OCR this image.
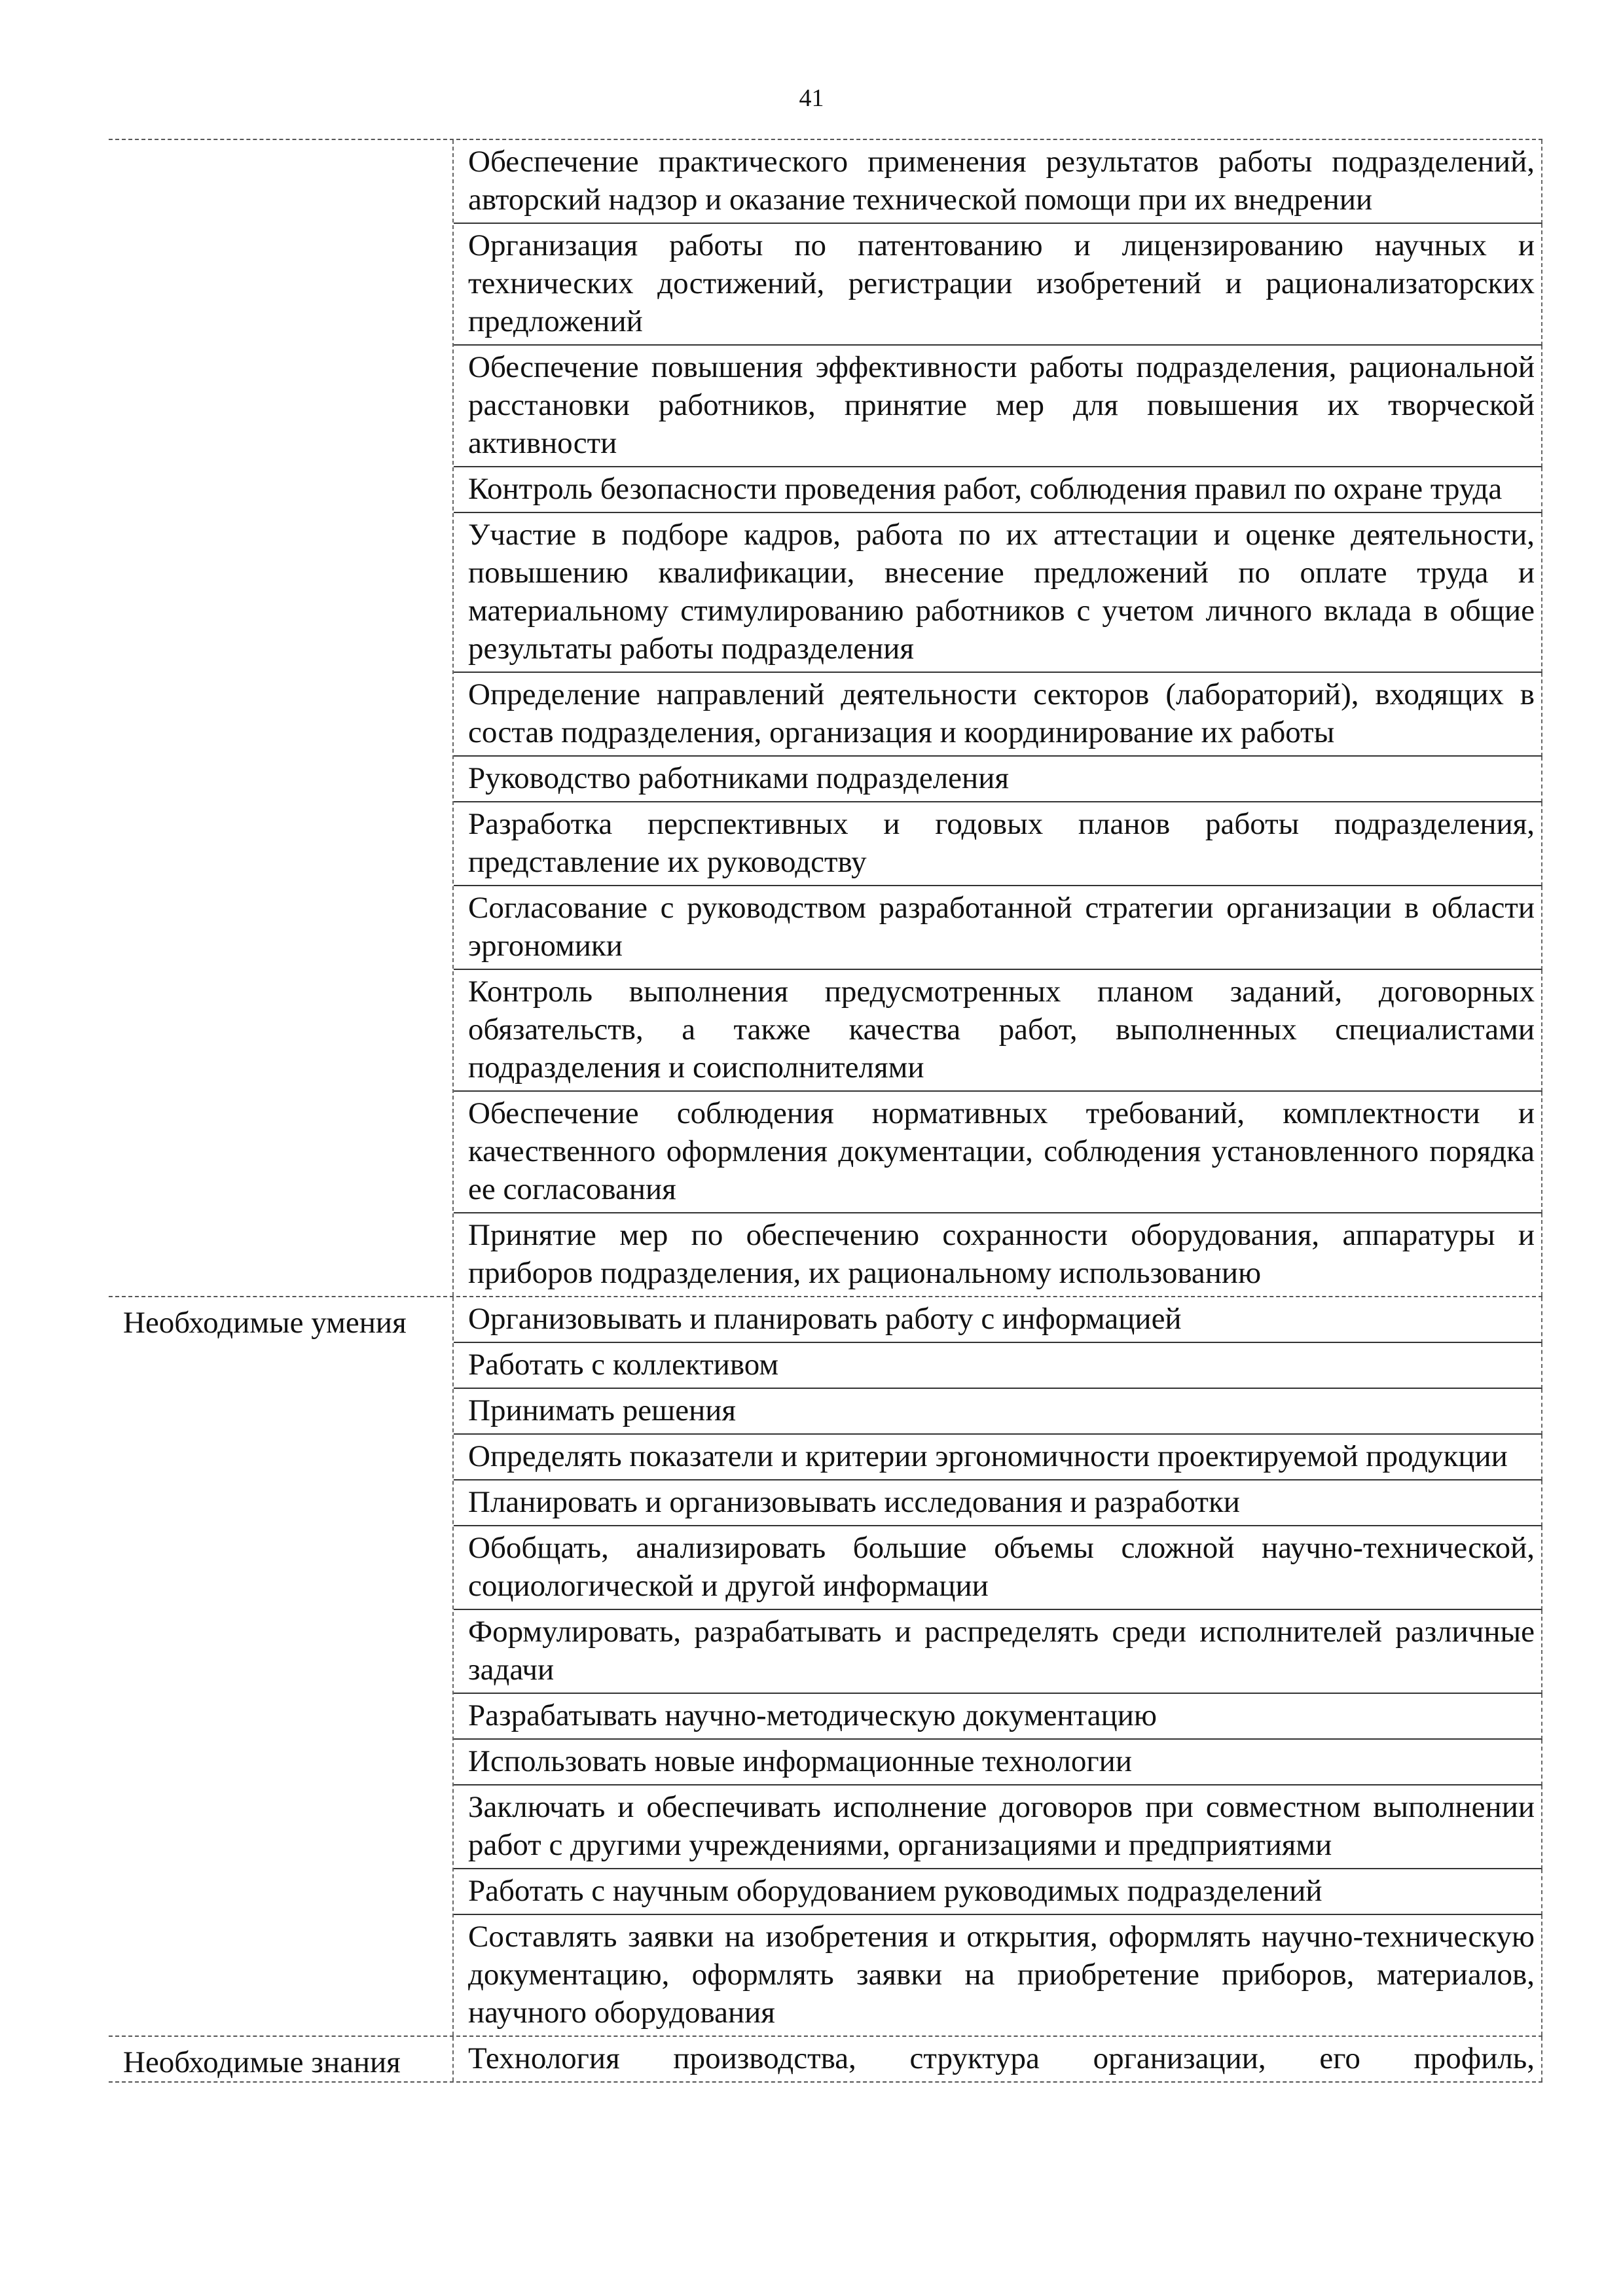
41
Обеспечение практического применения результатов работы подразделений, авторский надзор и оказание технической помощи при их внедрении
Организация работы по патентованию и лицензированию научных и технических достижений, регистрации изобретений и рационализаторских предложений
Обеспечение повышения эффективности работы подразделения, рациональной расстановки работников, принятие мер для повышения их творческой активности
Контроль безопасности проведения работ, соблюдения правил по охране труда
Участие в подборе кадров, работа по их аттестации и оценке деятельности, повышению квалификации, внесение предложений по оплате труда и материальному стимулированию работников с учетом личного вклада в общие результаты работы подразделения
Определение направлений деятельности секторов (лабораторий), входящих в состав подразделения, организация и координирование их работы
Руководство работниками подразделения
Разработка перспективных и годовых планов работы подразделения, представление их руководству
Согласование с руководством разработанной стратегии организации в области эргономики
Контроль выполнения предусмотренных планом заданий, договорных обязательств, а также качества работ, выполненных специалистами подразделения и соисполнителями
Обеспечение соблюдения нормативных требований, комплектности и качественного оформления документации, соблюдения установленного порядка ее согласования
Принятие мер по обеспечению сохранности оборудования, аппаратуры и приборов подразделения, их рациональному использованию
Необходимые умения	Организовывать и планировать работу с информацией
Работать с коллективом
Принимать решения
Определять показатели и критерии эргономичности проектируемой продукции
Планировать и организовывать исследования и разработки
Обобщать, анализировать большие объемы сложной научно-технической, социологической и другой информации
Формулировать, разрабатывать и распределять среди исполнителей различные задачи
Разрабатывать научно-методическую документацию
Использовать новые информационные технологии
Заключать и обеспечивать исполнение договоров при совместном выполнении работ с другими учреждениями, организациями и предприятиями
Работать с научным оборудованием руководимых подразделений
Составлять заявки на изобретения и открытия, оформлять научно-техническую документацию, оформлять заявки на приобретение приборов, материалов, научного оборудования
Необходимые знания	Технология производства, структура организации, его профиль,
